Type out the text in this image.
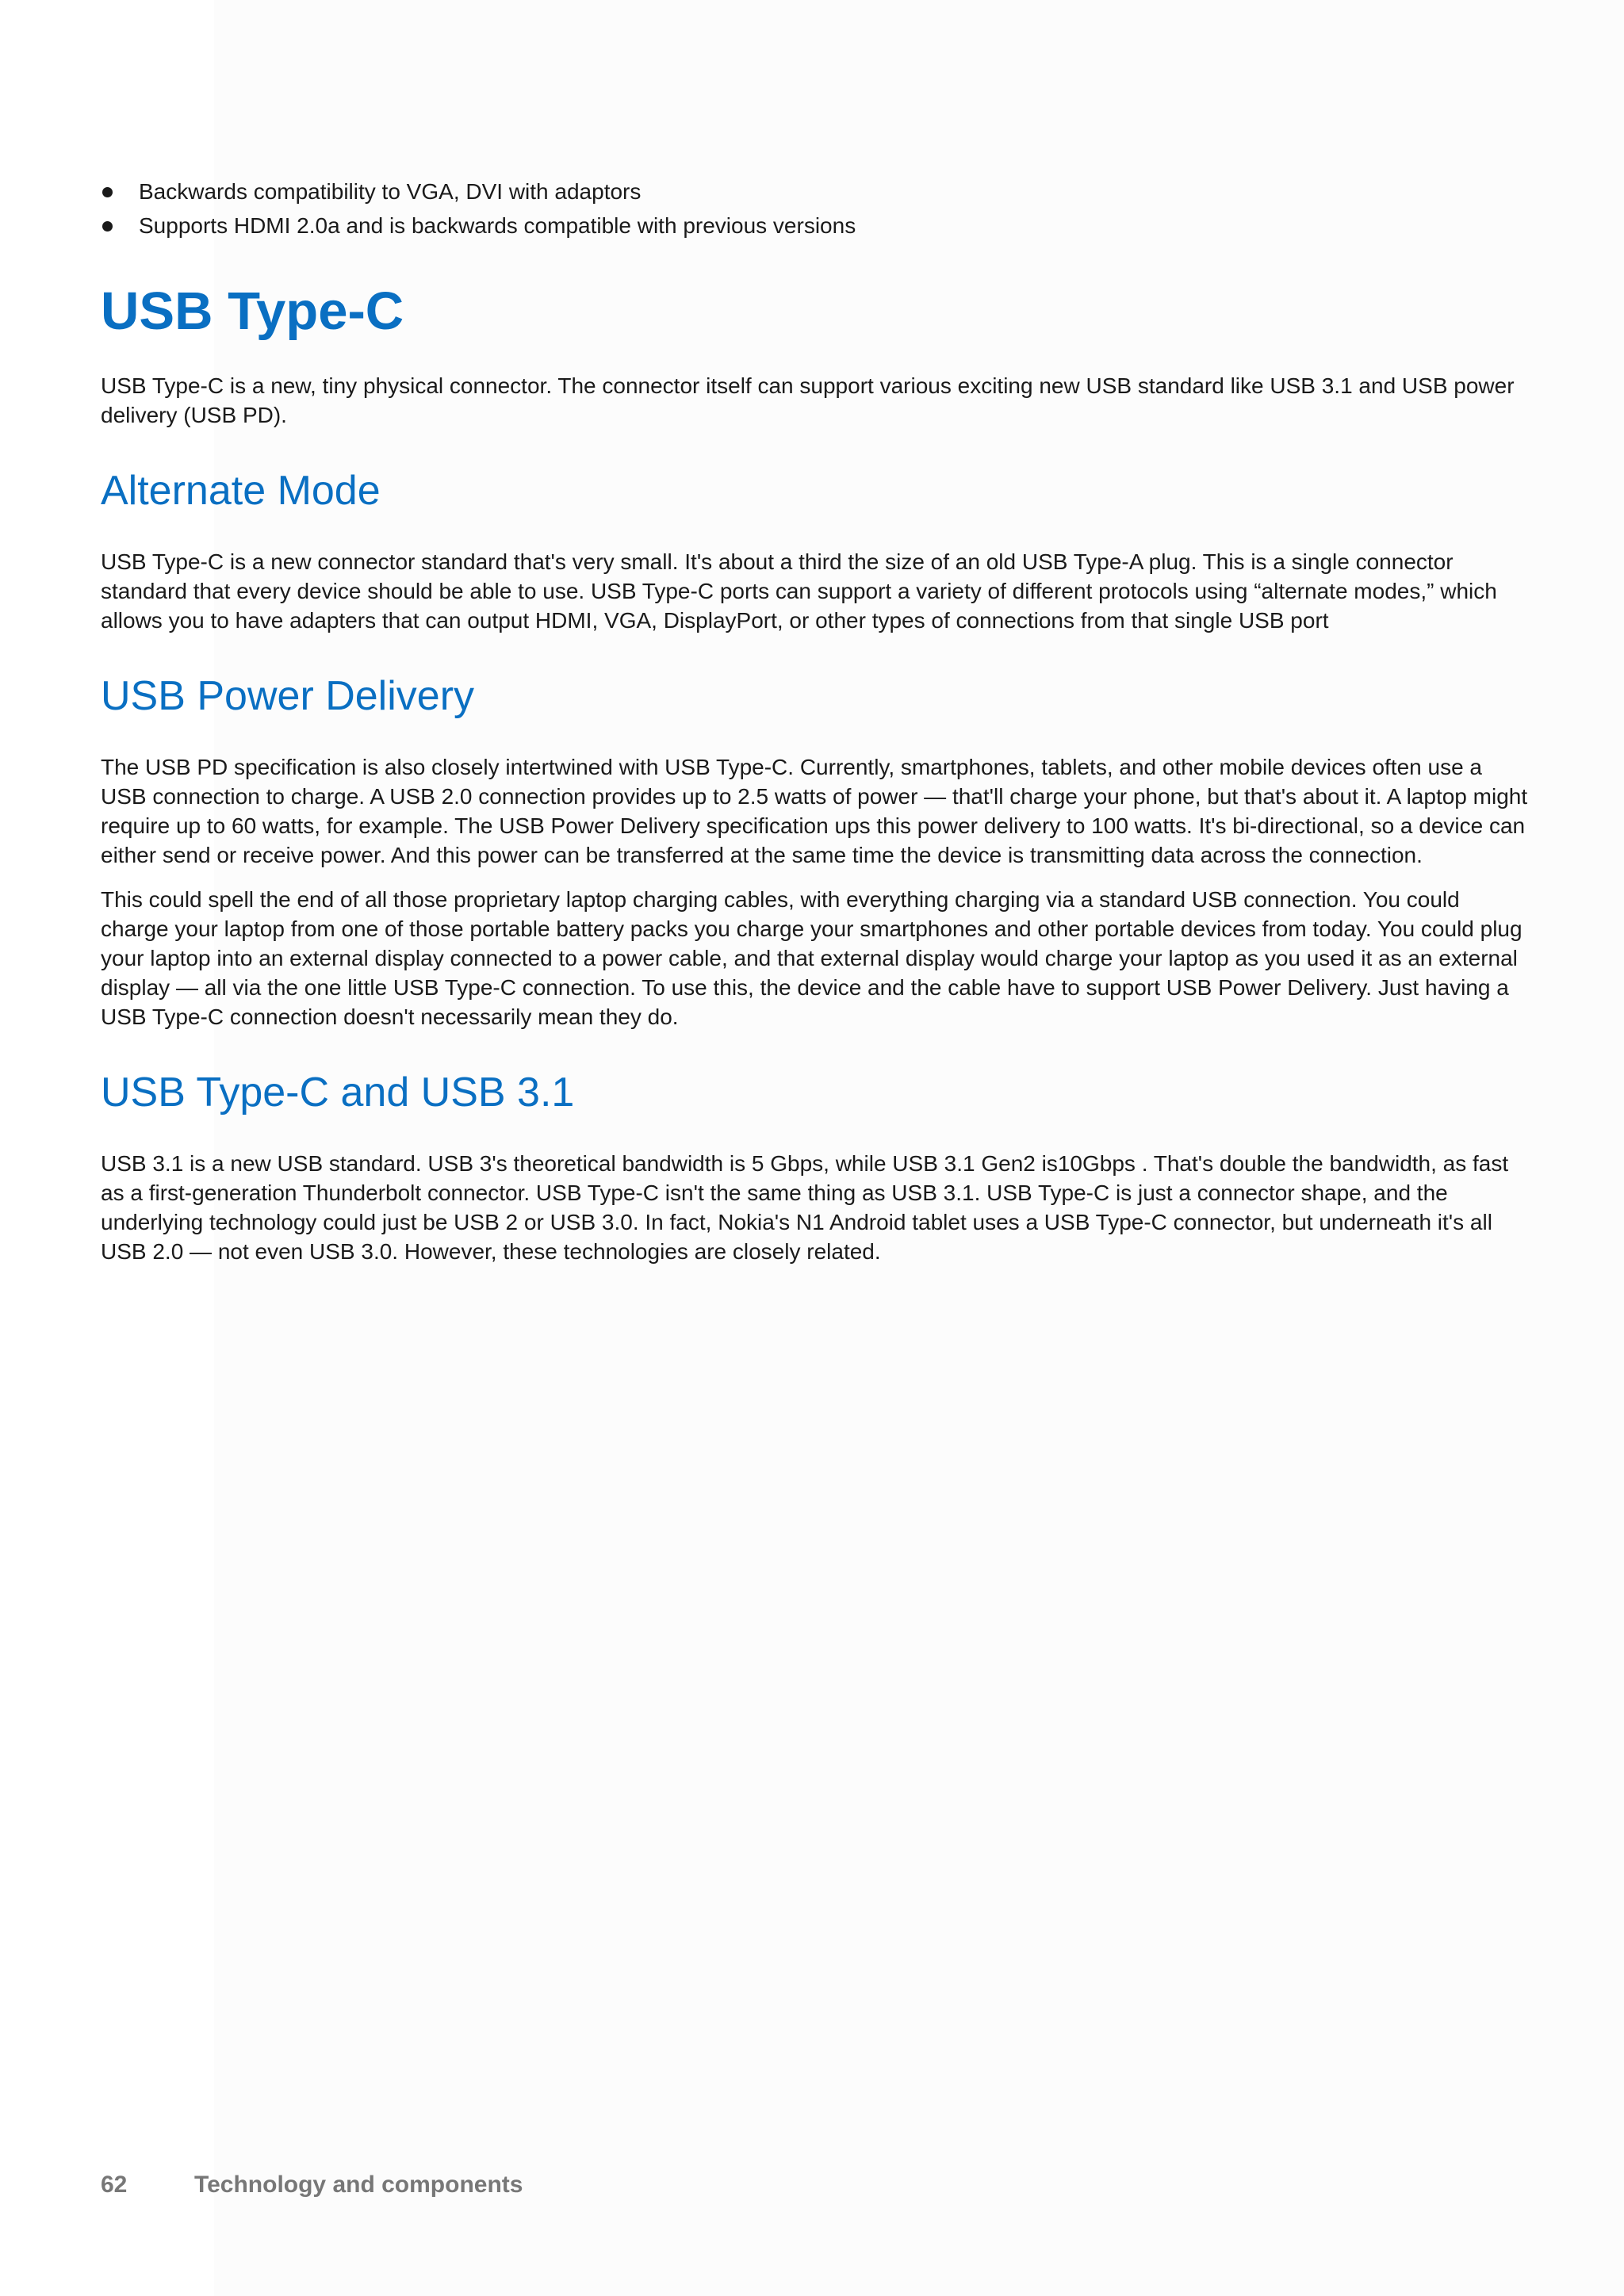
Backwards compatibility to VGA, DVI with adaptors
Supports HDMI 2.0a and is backwards compatible with previous versions
USB Type-C

USB Type-C is a new, tiny physical connector. The connector itself can support various exciting new USB standard like USB 3.1 and USB power delivery (USB PD).

Alternate Mode

USB Type-C is a new connector standard that's very small. It's about a third the size of an old USB Type-A plug. This is a single connector standard that every device should be able to use. USB Type-C ports can support a variety of different protocols using “alternate modes,” which allows you to have adapters that can output HDMI, VGA, DisplayPort, or other types of connections from that single USB port

USB Power Delivery

The USB PD specification is also closely intertwined with USB Type-C. Currently, smartphones, tablets, and other mobile devices often use a USB connection to charge. A USB 2.0 connection provides up to 2.5 watts of power — that'll charge your phone, but that's about it. A laptop might require up to 60 watts, for example. The USB Power Delivery specification ups this power delivery to 100 watts. It's bi-directional, so a device can either send or receive power. And this power can be transferred at the same time the device is transmitting data across the connection.

This could spell the end of all those proprietary laptop charging cables, with everything charging via a standard USB connection. You could charge your laptop from one of those portable battery packs you charge your smartphones and other portable devices from today. You could plug your laptop into an external display connected to a power cable, and that external display would charge your laptop as you used it as an external display — all via the one little USB Type-C connection. To use this, the device and the cable have to support USB Power Delivery. Just having a USB Type-C connection doesn't necessarily mean they do.

USB Type-C and USB 3.1

USB 3.1 is a new USB standard. USB 3's theoretical bandwidth is 5 Gbps, while USB 3.1 Gen2 is10Gbps . That's double the bandwidth, as fast as a first-generation Thunderbolt connector. USB Type-C isn't the same thing as USB 3.1. USB Type-C is just a connector shape, and the underlying technology could just be USB 2 or USB 3.0. In fact, Nokia's N1 Android tablet uses a USB Type-C connector, but underneath it's all USB 2.0 — not even USB 3.0. However, these technologies are closely related.

62	Technology and components
